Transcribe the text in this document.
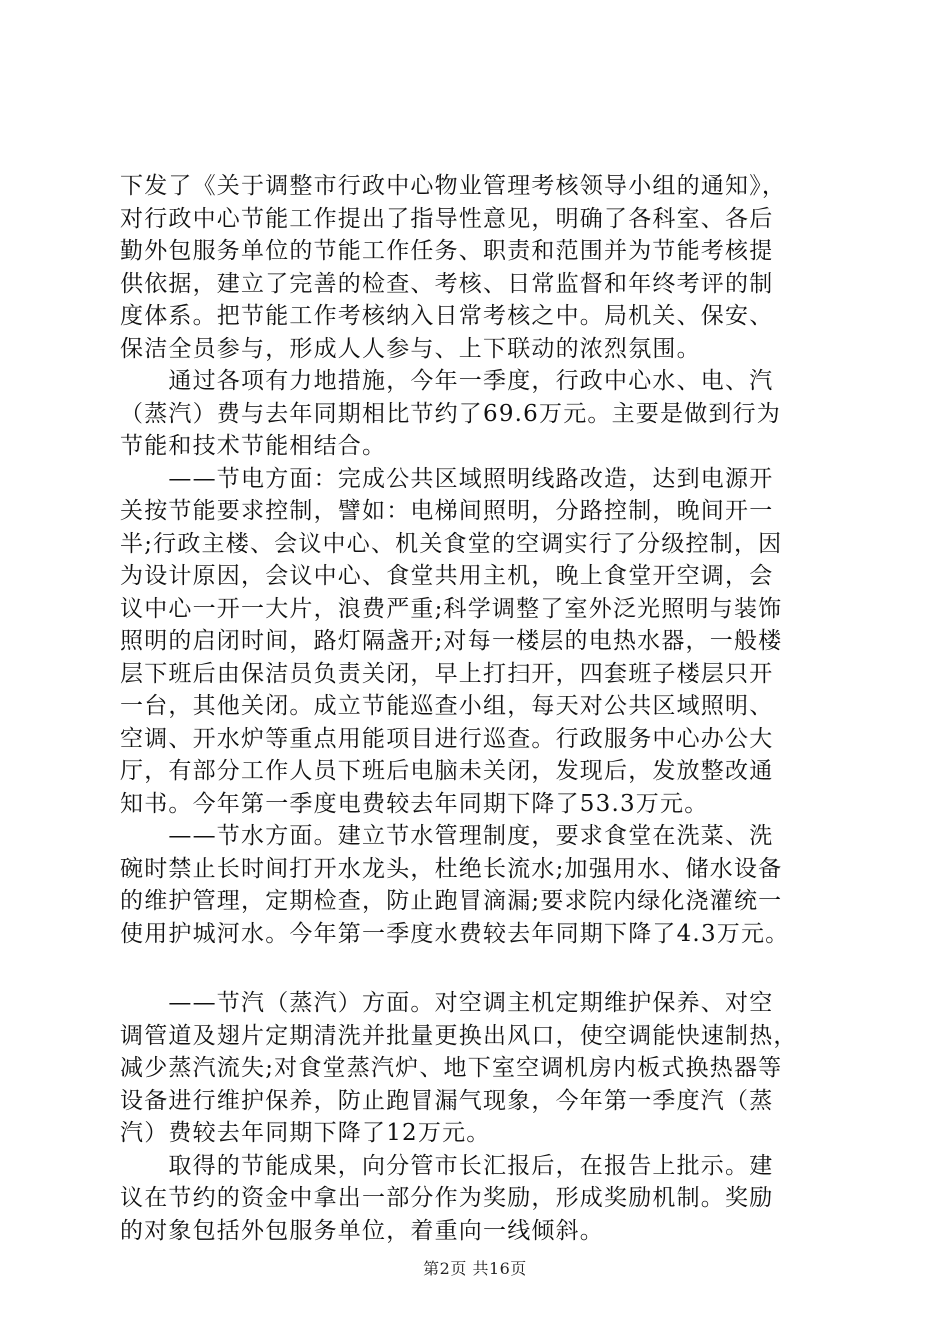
下发了《关于调整市行政中心物业管理考核领导小组的通知》，
对行政中心节能工作提出了指导性意见，明确了各科室、各后
勤外包服务单位的节能工作任务、职责和范围并为节能考核提
供依据，建立了完善的检查、考核、日常监督和年终考评的制
度体系。把节能工作考核纳入日常考核之中。局机关、保安、
保洁全员参与，形成人人参与、上下联动的浓烈氛围。

　　通过各项有力地措施，今年一季度，行政中心水、电、汽
（蒸汽）费与去年同期相比节约了69.6万元。主要是做到行为
节能和技术节能相结合。

　　——节电方面：完成公共区域照明线路改造，达到电源开
关按节能要求控制，譬如：电梯间照明，分路控制，晚间开一
半;行政主楼、会议中心、机关食堂的空调实行了分级控制，因
为设计原因，会议中心、食堂共用主机，晚上食堂开空调，会
议中心一开一大片，浪费严重;科学调整了室外泛光照明与装饰
照明的启闭时间，路灯隔盏开;对每一楼层的电热水器，一般楼
层下班后由保洁员负责关闭，早上打扫开，四套班子楼层只开
一台，其他关闭。成立节能巡查小组，每天对公共区域照明、
空调、开水炉等重点用能项目进行巡查。行政服务中心办公大
厅，有部分工作人员下班后电脑未关闭，发现后，发放整改通
知书。今年第一季度电费较去年同期下降了53.3万元。

　　——节水方面。建立节水管理制度，要求食堂在洗菜、洗
碗时禁止长时间打开水龙头，杜绝长流水;加强用水、储水设备
的维护管理，定期检查，防止跑冒滴漏;要求院内绿化浇灌统一
使用护城河水。今年第一季度水费较去年同期下降了4.3万元。

　　——节汽（蒸汽）方面。对空调主机定期维护保养、对空
调管道及翅片定期清洗并批量更换出风口，使空调能快速制热，
减少蒸汽流失;对食堂蒸汽炉、地下室空调机房内板式换热器等
设备进行维护保养，防止跑冒漏气现象，今年第一季度汽（蒸
汽）费较去年同期下降了12万元。

　　取得的节能成果，向分管市长汇报后，在报告上批示。建
议在节约的资金中拿出一部分作为奖励，形成奖励机制。奖励
的对象包括外包服务单位，着重向一线倾斜。

第2页 共16页
